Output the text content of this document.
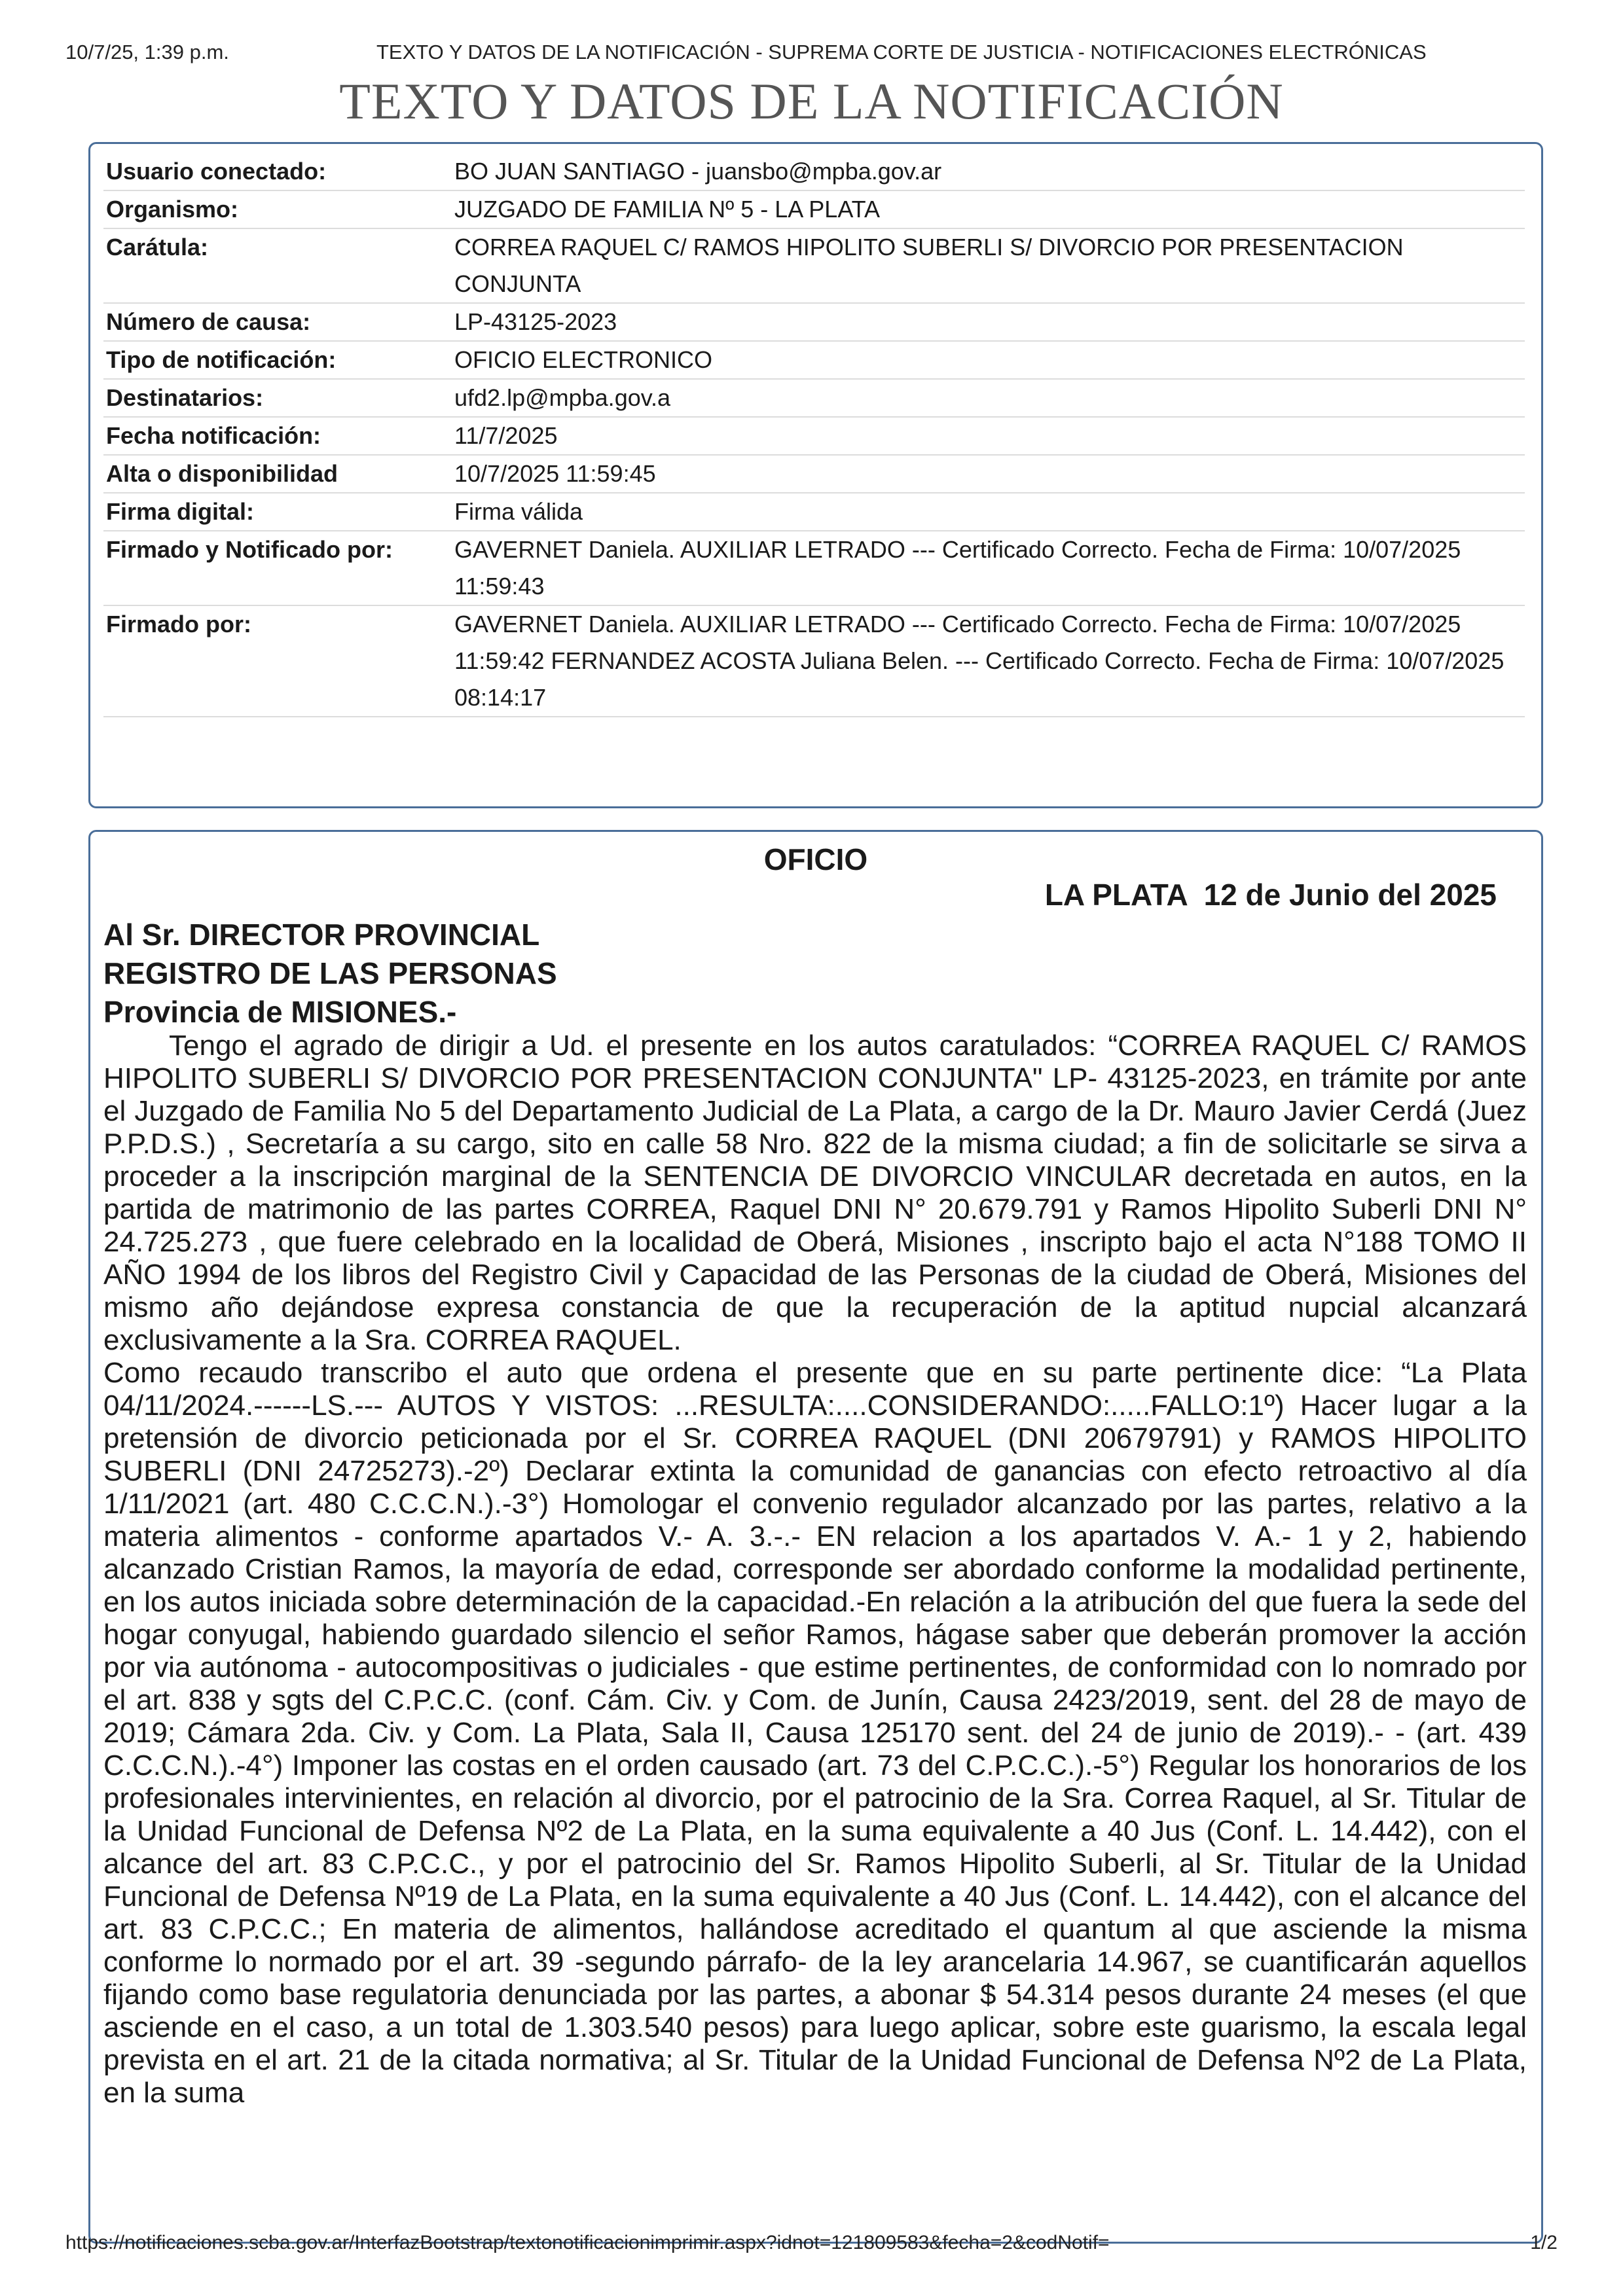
10/7/25, 1:39 p.m.	TEXTO Y DATOS DE LA NOTIFICACIÓN - SUPREMA CORTE DE JUSTICIA - NOTIFICACIONES ELECTRÓNICAS
TEXTO Y DATOS DE LA NOTIFICACIÓN
Usuario conectado:	BO JUAN SANTIAGO - juansbo@mpba.gov.ar
Organismo:	JUZGADO DE FAMILIA Nº 5 - LA PLATA
Carátula:	CORREA RAQUEL C/ RAMOS HIPOLITO SUBERLI S/ DIVORCIO POR PRESENTACION CONJUNTA
Número de causa:	LP-43125-2023
Tipo de notificación:	OFICIO ELECTRONICO
Destinatarios:	ufd2.lp@mpba.gov.a
Fecha notificación:	11/7/2025
Alta o disponibilidad	10/7/2025 11:59:45
Firma digital:	Firma válida
Firmado y Notificado por:	GAVERNET Daniela. AUXILIAR LETRADO --- Certificado Correcto. Fecha de Firma: 10/07/2025 11:59:43
Firmado por:	GAVERNET Daniela. AUXILIAR LETRADO --- Certificado Correcto. Fecha de Firma: 10/07/2025 11:59:42 FERNANDEZ ACOSTA Juliana Belen. --- Certificado Correcto. Fecha de Firma: 10/07/2025 08:14:17
OFICIO
LA PLATA  12 de Junio del 2025
Al Sr. DIRECTOR PROVINCIAL
REGISTRO DE LAS PERSONAS
Provincia de MISIONES.-

Tengo el agrado de dirigir a Ud. el presente en los autos caratulados: “CORREA RAQUEL C/ RAMOS HIPOLITO SUBERLI S/ DIVORCIO POR PRESENTACION CONJUNTA" LP- 43125-2023, en trámite por ante el Juzgado de Familia No 5 del Departamento Judicial de La Plata, a cargo de la Dr. Mauro Javier Cerdá (Juez P.P.D.S.) , Secretaría a su cargo, sito en calle 58 Nro. 822 de la misma ciudad; a fin de solicitarle se sirva a proceder a la inscripción marginal de la SENTENCIA DE DIVORCIO VINCULAR decretada en autos, en la partida de matrimonio de las partes CORREA, Raquel DNI N° 20.679.791 y Ramos Hipolito Suberli DNI N° 24.725.273 , que fuere celebrado en la localidad de Oberá, Misiones , inscripto bajo el acta N°188 TOMO II AÑO 1994 de los libros del Registro Civil y Capacidad de las Personas de la ciudad de Oberá, Misiones del mismo año dejándose expresa constancia de que la recuperación de la aptitud nupcial alcanzará exclusivamente a la Sra. CORREA RAQUEL.

Como recaudo transcribo el auto que ordena el presente que en su parte pertinente dice: “La Plata 04/11/2024.------LS.--- AUTOS Y VISTOS: ...RESULTA:....CONSIDERANDO:.....FALLO:1º) Hacer lugar a la pretensión de divorcio peticionada por el Sr. CORREA RAQUEL (DNI 20679791) y RAMOS HIPOLITO SUBERLI (DNI 24725273).-2º) Declarar extinta la comunidad de ganancias con efecto retroactivo al día 1/11/2021 (art. 480 C.C.C.N.).-3°) Homologar el convenio regulador alcanzado por las partes, relativo a la materia alimentos - conforme apartados V.- A. 3.-.- EN relacion a los apartados V. A.- 1 y 2, habiendo alcanzado Cristian Ramos, la mayoría de edad, corresponde ser abordado conforme la modalidad pertinente, en los autos iniciada sobre determinación de la capacidad.-En relación a la atribución del que fuera la sede del hogar conyugal, habiendo guardado silencio el señor Ramos, hágase saber que deberán promover la acción por via autónoma - autocompositivas o judiciales - que estime pertinentes, de conformidad con lo nomrado por el art. 838 y sgts del C.P.C.C. (conf. Cám. Civ. y Com. de Junín, Causa 2423/2019, sent. del 28 de mayo de 2019; Cámara 2da. Civ. y Com. La Plata, Sala II, Causa 125170 sent. del 24 de junio de 2019).- - (art. 439 C.C.C.N.).-4°) Imponer las costas en el orden causado (art. 73 del C.P.C.C.).-5°) Regular los honorarios de los profesionales intervinientes, en relación al divorcio, por el patrocinio de la Sra. Correa Raquel, al Sr. Titular de la Unidad Funcional de Defensa Nº2 de La Plata, en la suma equivalente a 40 Jus (Conf. L. 14.442), con el alcance del art. 83 C.P.C.C., y por el patrocinio del Sr. Ramos Hipolito Suberli, al Sr. Titular de la Unidad Funcional de Defensa Nº19 de La Plata, en la suma equivalente a 40 Jus (Conf. L. 14.442), con el alcance del art. 83 C.P.C.C.; En materia de alimentos, hallándose acreditado el quantum al que asciende la misma conforme lo normado por el art. 39 -segundo párrafo- de la ley arancelaria 14.967, se cuantificarán aquellos fijando como base regulatoria denunciada por las partes, a abonar $ 54.314 pesos durante 24 meses (el que asciende en el caso, a un total de 1.303.540 pesos) para luego aplicar, sobre este guarismo, la escala legal prevista en el art. 21 de la citada normativa; al Sr. Titular de la Unidad Funcional de Defensa Nº2 de La Plata, en la suma

https://notificaciones.scba.gov.ar/InterfazBootstrap/textonotificacionimprimir.aspx?idnot=121809583&fecha=2&codNotif=	1/2
